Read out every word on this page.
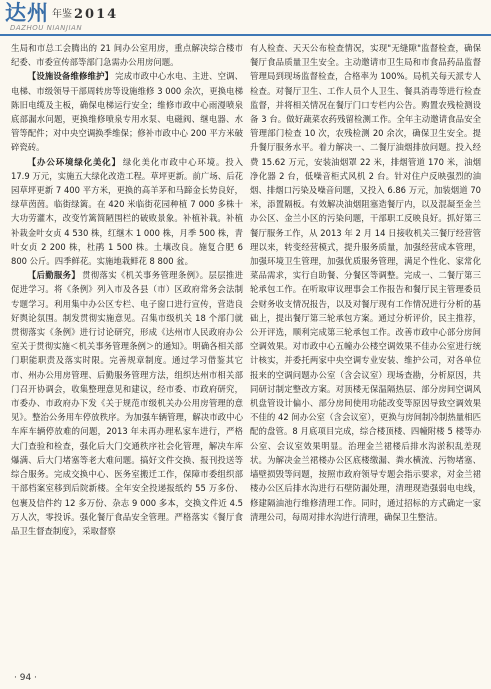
达州 年鉴 2014
DAZHOU NIANJIAN

生局和市总工会腾出的 21 间办公室用房，重点解决综合楼市纪委、市委宣传部等部门急需办公用房问题。

【设施设备维修维护】 完成市政中心水电、主进、空调、电梯、市级领导干部周转房等设施维修 3 000 余次，更换电梯陈旧电缆及主板，确保电梯运行安全；维修市政中心雨漫喷泉底部漏水问题，更换维修喷泉专用水泵、电磁阀、继电器、水管等配件；对中央空调换季维保；修补市政中心 200 平方米破碎瓷砖。

【办公环境绿化美化】 绿化美化市政中心环境。投入 17.9 万元，实施五大绿化改造工程。草坪更新。前广场、后花园草坪更新 7 400 平方米，更换的高羊茅和马蹄金长势良好，绿草茵茵。临街绿篱。在 420 米临街花园种植 7 000 多株十大功劳灌木，改变竹篱简陋围栏的破败景象。补植补栽。补植补栽金叶女贞 4 530 株，红继木 1 000 株，月季 500 株，青叶女贞 2 200 株，杜鹃 1 500 株。土壤改良。施复合肥 6 800 公斤。四季鲜花。实施地栽鲜花 8 800 盆。

【后勤服务】 贯彻落实《机关事务管理条例》。层层推进促进学习。将《条例》列入市及各县（市）区政府常务会法制专题学习。利用集中办公区专栏、电子窗口进行宣传，营造良好舆论氛围。制发贯彻实施意见。召集市级机关 18 个部门就贯彻落实《条例》进行讨论研究，形成《达州市人民政府办公室关于贯彻实施＜机关事务管理条例＞的通知》。明确各相关部门职能职责及落实时限。完善规章制度。通过学习借鉴其它市、州办公用房管理、后勤服务管理方法，组织达州市相关部门召开协调会，收集整理意见和建议，经市委、市政府研究，市委办、市政府办下发《关于规范市级机关办公用房管理的意见》。整治公务用车停放秩序。为加强车辆管理，解决市政中心车库车辆停放难的问题，2013 年未再办理私家车进行，严格大门查验和检查，强化后大门交通秩序社会化管理，解决车库爆满、后大门堵塞等老大难问题。搞好文件交换、报刊投送等综合服务。完成交换中心、医务室搬迁工作，保障市委组织部干部档案室移到后院新楼。全年安全投递报纸约 55 万多份、包裹及信件约 12 多万份、杂志 9 000 多本，交换文件近 4.5 万人次，零投诉。强化餐厅食品安全管理。严格落实《餐厅食品卫生督查制度》，采取督察

有人检查、天天公布检查情况，实现"无缝隙"监督检查，确保餐厅食品质量卫生安全。主动邀请市卫生局和市食品药品监督管理局到现场监督检查，合格率为 100%。局机关每天派专人检查。对餐厅卫生、工作人员个人卫生、餐具消毒等进行检查监督，并将相关情况在餐厅门口专栏内公告。购置农残检测设备 3 台。做好蔬菜农药残留检测工作。全年主动邀请食品安全管理部门检查 10 次，农残检测 20 余次，确保卫生安全。提升餐厅服务水平。着力解决一、二餐厅油烟排放问题。投入经费 15.62 万元，安装油烟罩 22 米，排烟管道 170 米，油烟净化器 2 台，低噪音柜式风机 2 台。针对住户反映强烈的油烟、排烟口污染及噪音问题，又投入 6.86 万元，加装烟道 70 米，添置隔板。有效解决油烟阻塞造餐厅内，以及混凝至金兰办公区、金兰小区的污染问题，干部职工反映良好。抓好第三餐厅服务工作，从 2013 年 2 月 14 日接收机关三餐厅经营管理以来，转变经营模式，提升服务质量，加强经营成本管理，加强环境卫生管理，加强优质服务管理，满足个性化、家常化菜品需求，实行自助餐、分餐区等调整。完成一、二餐厅第三轮承包工作。在听取审议理事会工作报告和餐厅民主管理委员会财务收支情况报告，以及对餐厅现有工作情况进行分析的基础上，提出餐厅第三轮承包方案。通过分析评价，民主推荐，公开评选，顺利完成第三轮承包工作。改善市政中心部分房间空调效果。对市政中心五幢办公楼空调效果不佳办公室进行统计核实，并委托两家中央空调专业安装、维护公司，对各单位报来的空调问题办公室（含会议室）现场查勘，分析原因，共同研讨制定整改方案。对顶楼无保温隔热层、部分房间空调风机盘管设计偏小、部分房间使用功能改变等原因导致空调效果不佳的 42 间办公室（含会议室），更换与房间制冷制热量相匹配的盘管。8 月底项目完成，综合楼顶楼、四幢附楼 5 楼等办公室、会议室效果明显。治理金兰裙楼后排水沟淤积乱差现状。为解决金兰裙楼办公区底楼缴漏、粪水横流、污物堵塞、墙壁损毁等问题，按照市政府领导专题会指示要求，对金兰裙楼办公区后排水沟进行石壁防漏处理，清理现造强弱电电线，修建隔油池行维修清理工作。同时，通过招标的方式确定一家清理公司，每周对排水沟进行清理，确保卫生整洁。

· 94 ·
